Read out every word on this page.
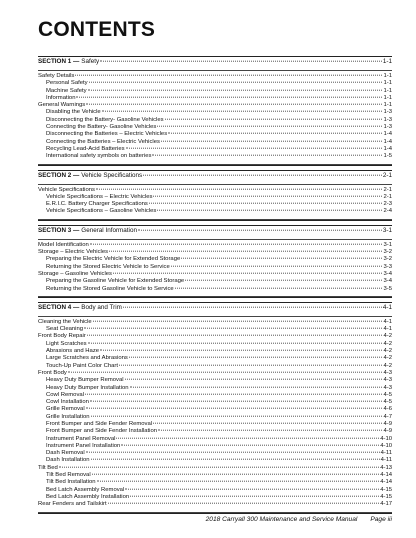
CONTENTS
SECTION 1 — Safety	1-1
Safety Details	1-1
Personal Safety	1-1
Machine Safety	1-1
Information	1-1
General Warnings	1-1
Disabling the Vehicle	1-3
Disconnecting the Battery- Gasoline Vehicles	1-3
Connecting the Battery- Gasoline Vehicles	1-3
Disconnecting the Batteries – Electric Vehicles	1-4
Connecting the Batteries – Electric Vehicles	1-4
Recycling Lead-Acid Batteries	1-4
International safety symbols on batteries	1-5
SECTION 2 — Vehicle Specifications	2-1
Vehicle Specifications	2-1
Vehicle Specifications – Electric Vehicles	2-1
E.R.I.C. Battery Charger Specifications	2-3
Vehicle Specifications – Gasoline Vehicles	2-4
SECTION 3 — General Information	3-1
Model Identification	3-1
Storage – Electric Vehicles	3-2
Preparing the Electric Vehicle for Extended Storage	3-2
Returning the Stored Electric Vehicle to Service	3-3
Storage – Gasoline Vehicles	3-4
Preparing the Gasoline Vehicle for Extended Storage	3-4
Returning the Stored Gasoline Vehicle to Service	3-5
SECTION 4 — Body and Trim	4-1
Cleaning the Vehicle	4-1
Seat Cleaning	4-1
Front Body Repair	4-2
Light Scratches	4-2
Abrasions and Haze	4-2
Large Scratches and Abrasions	4-2
Touch-Up Paint Color Chart	4-2
Front Body	4-3
Heavy Duty Bumper Removal	4-3
Heavy Duty Bumper Installation	4-3
Cowl Removal	4-5
Cowl Installation	4-5
Grille Removal	4-6
Grille Installation	4-7
Front Bumper and Side Fender Removal	4-9
Front Bumper and Side Fender Installation	4-9
Instrument Panel Removal	4-10
Instrument Panel Installation	4-10
Dash Removal	4-11
Dash Installation	4-11
Tilt Bed	4-13
Tilt Bed Removal	4-14
Tilt Bed Installation	4-14
Bed Latch Assembly Removal	4-15
Bed Latch Assembly Installation	4-15
Rear Fenders and Tailskirt	4-17
2018 Carryall 300 Maintenance and Service Manual Page iii
